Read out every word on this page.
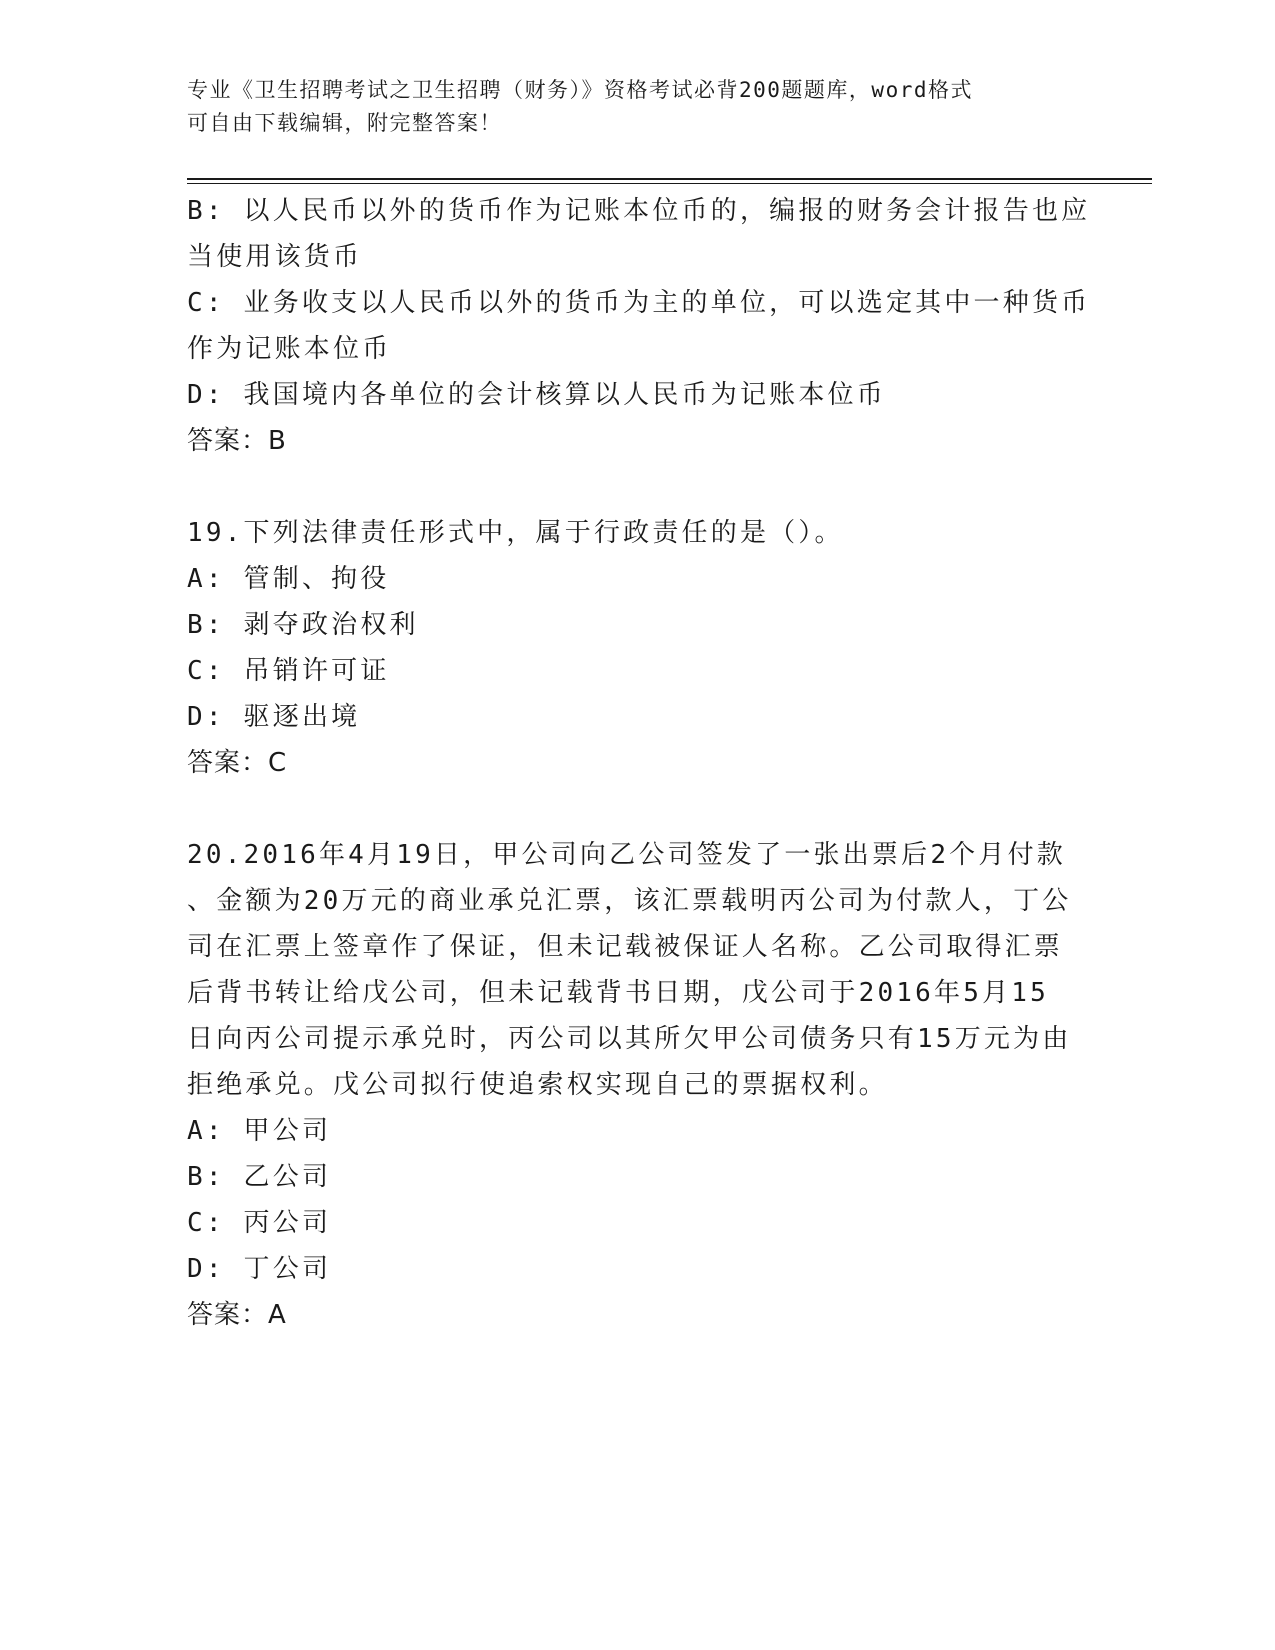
专业《卫生招聘考试之卫生招聘（财务）》资格考试必背200题题库，word格式
可自由下载编辑，附完整答案！
B: 以人民币以外的货币作为记账本位币的，编报的财务会计报告也应
当使用该货币
C: 业务收支以人民币以外的货币为主的单位，可以选定其中一种货币
作为记账本位币
D: 我国境内各单位的会计核算以人民币为记账本位币
答案：B
19.下列法律责任形式中，属于行政责任的是（）。
A: 管制、拘役
B: 剥夺政治权利
C: 吊销许可证
D: 驱逐出境
答案：C
20.2016年4月19日，甲公司向乙公司签发了一张出票后2个月付款
、金额为20万元的商业承兑汇票，该汇票载明丙公司为付款人，丁公
司在汇票上签章作了保证，但未记载被保证人名称。乙公司取得汇票
后背书转让给戊公司，但未记载背书日期，戊公司于2016年5月15
日向丙公司提示承兑时，丙公司以其所欠甲公司债务只有15万元为由
拒绝承兑。戊公司拟行使追索权实现自己的票据权利。
A: 甲公司
B: 乙公司
C: 丙公司
D: 丁公司
答案：A
